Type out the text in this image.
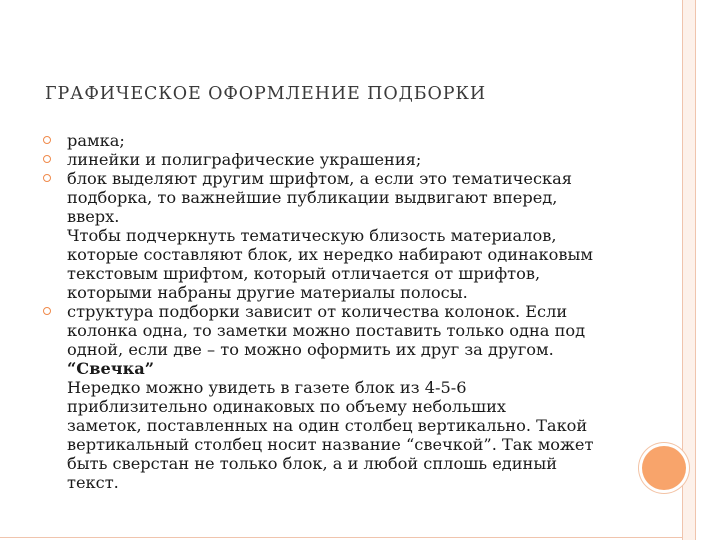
ГРАФИЧЕСКОЕ ОФОРМЛЕНИЕ ПОДБОРКИ
рамка;
линейки и полиграфические украшения;
блок выделяют другим шрифтом, а если это тематическая
подборка, то важнейшие публикации выдвигают вперед,
вверх.
Чтобы подчеркнуть тематическую близость материалов,
которые составляют блок, их нередко набирают одинаковым
текстовым шрифтом, который отличается от шрифтов,
которыми набраны другие материалы полосы.
структура подборки зависит от количества колонок. Если
колонка одна, то заметки можно поставить только одна под
одной, если две – то можно оформить их друг за другом.
“Свечка”
Нередко можно увидеть в газете блок из 4-5-6
приблизительно одинаковых по объему небольших
заметок, поставленных на один столбец вертикально. Такой
вертикальный столбец носит название “свечкой”. Так может
быть сверстан не только блок, а и любой сплошь единый
текст.
